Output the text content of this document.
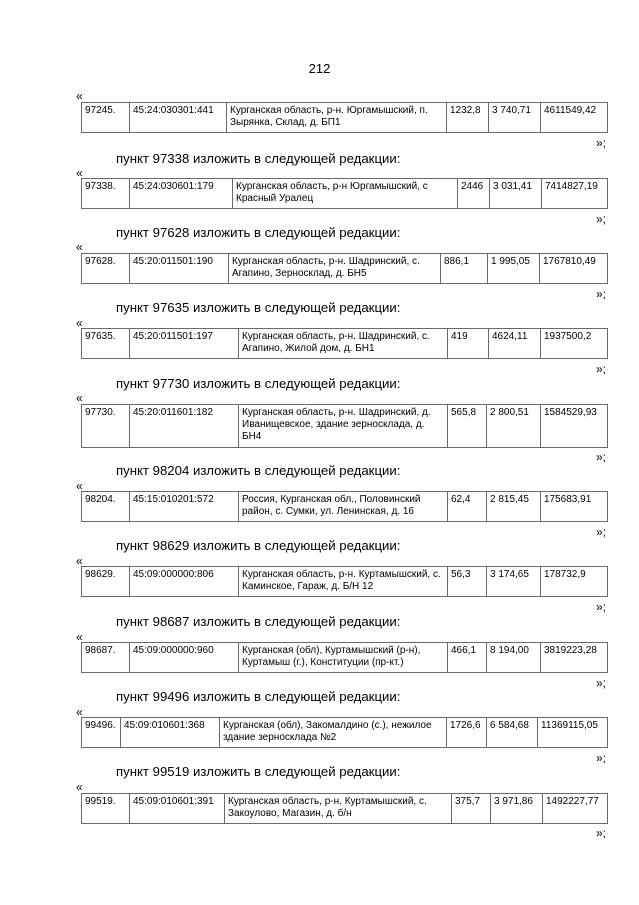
212
«
97245.	45:24:030301:441	Курганская область, р-н. Юргамышский, п. Зырянка, Склад, д. БП1	1232,8	3 740,71	4611549,42
»;
пункт 97338 изложить в следующей редакции:
«
97338.	45:24:030601:179	Курганская область, р-н Юргамышский, с Красный Уралец	2446	3 031,41	7414827,19
»;
пункт 97628 изложить в следующей редакции:
«
97628.	45:20:011501:190	Курганская область, р-н. Шадринский, с. Агапино, Зерносклад, д. БН5	886,1	1 995,05	1767810,49
»;
пункт 97635 изложить в следующей редакции:
«
97635.	45:20:011501:197	Курганская область, р-н. Шадринский, с. Агапино, Жилой дом, д. БН1	419	4624,11	1937500,2
»;
пункт 97730 изложить в следующей редакции:
«
97730.	45:20:011601:182	Курганская область, р-н. Шадринский, д. Иванищевское, здание зерносклада, д. БН4	565,8	2 800,51	1584529,93
»;
пункт 98204 изложить в следующей редакции:
«
98204.	45:15:010201:572	Россия, Курганская обл., Половинский район, с. Сумки, ул. Ленинская, д. 16	62,4	2 815,45	175683,91
»;
пункт 98629 изложить в следующей редакции:
«
98629.	45:09:000000:806	Курганская область, р-н. Куртамышский, с. Каминское, Гараж, д. Б/Н 12	56,3	3 174,65	178732,9
»;
пункт 98687 изложить в следующей редакции:
«
98687.	45:09:000000:960	Курганская (обл), Куртамышский (р-н), Куртамыш (г.), Конституции (пр-кт.)	466,1	8 194,00	3819223,28
»;
пункт 99496 изложить в следующей редакции:
«
99496.	45:09:010601:368	Курганская (обл), Закомалдино (с.), нежилое здание зерносклада №2	1726,6	6 584,68	11369115,05
»;
пункт 99519 изложить в следующей редакции:
«
99519.	45:09:010601:391	Курганская область, р-н. Куртамышский, с. Закоулово, Магазин, д. б/н	375,7	3 971,86	1492227,77
»;
